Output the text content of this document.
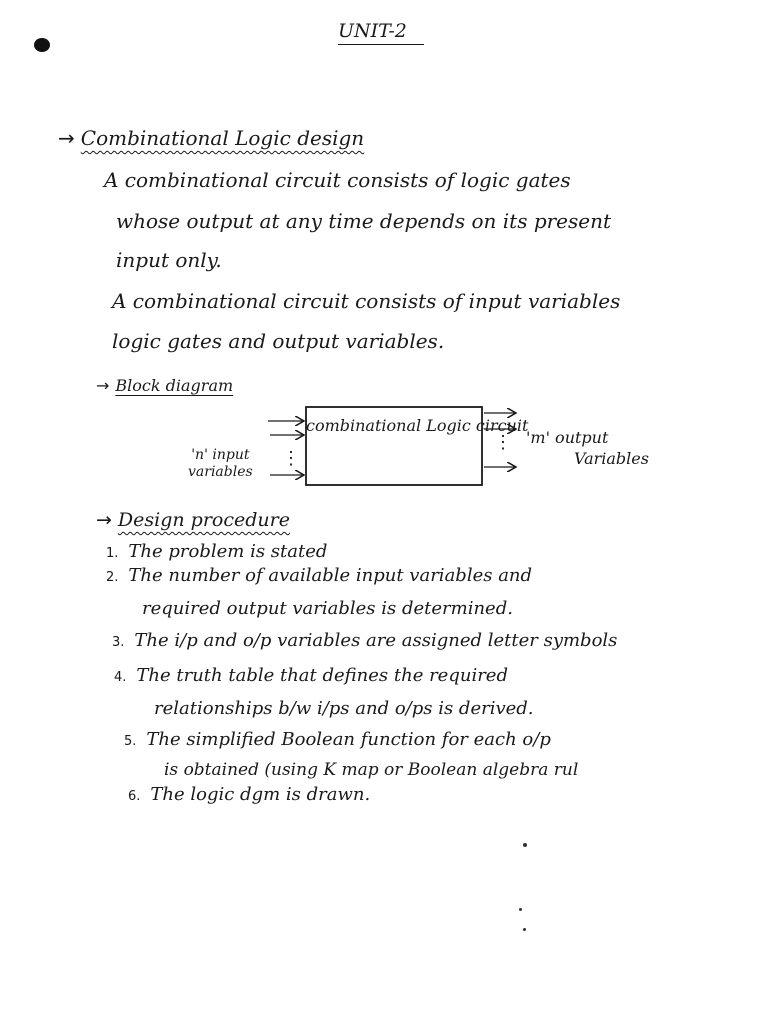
UNIT-2
→ Combinational Logic design
A combinational circuit consists of logic gates
whose output at any time depends on its present
input only.
A combinational circuit consists of input variables
logic gates and output variables.
→ Block diagram
combinational Logic circuit
'n' input
variables
⋮
⋮ 'm' output
Variables
→ Design procedure
1. The problem is stated
2. The number of available input variables and
required output variables is determined.
3. The i/p and o/p variables are assigned letter symbols
4. The truth table that defines the required
relationships b/w i/ps and o/ps is derived.
5. The simplified Boolean function for each o/p
is obtained (using K map or Boolean algebra rul
6. The logic dgm is drawn.
